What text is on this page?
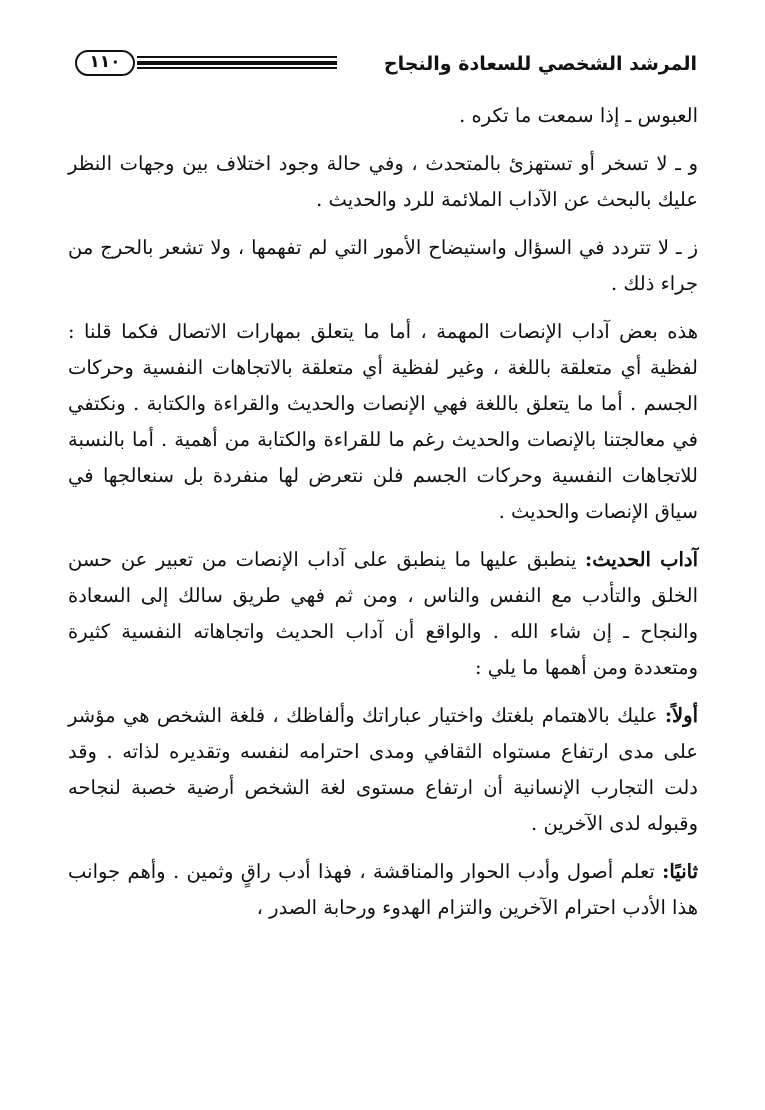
١١٠	المرشد الشخصي للسعادة والنجاح

العبوس ـ إذا سمعت ما تكره .

و ـ لا تسخر أو تستهزئ بالمتحدث ، وفي حالة وجود اختلاف بين وجهات النظر عليك بالبحث عن الآداب الملائمة للرد والحديث .

ز ـ لا تتردد في السؤال واستيضاح الأمور التي لم تفهمها ، ولا تشعر بالحرج من جراء ذلك .

هذه بعض آداب الإنصات المهمة ، أما ما يتعلق بمهارات الاتصال فكما قلنا : لفظية أي متعلقة باللغة ، وغير لفظية أي متعلقة بالاتجاهات النفسية وحركات الجسم . أما ما يتعلق باللغة فهي الإنصات والحديث والقراءة والكتابة . ونكتفي في معالجتنا بالإنصات والحديث رغم ما للقراءة والكتابة من أهمية . أما بالنسبة للاتجاهات النفسية وحركات الجسم فلن نتعرض لها منفردة بل سنعالجها في سياق الإنصات والحديث .

آداب الحديث: ينطبق عليها ما ينطبق على آداب الإنصات من تعبير عن حسن الخلق والتأدب مع النفس والناس ، ومن ثم فهي طريق سالك إلى السعادة والنجاح ـ إن شاء الله . والواقع أن آداب الحديث واتجاهاته النفسية كثيرة ومتعددة ومن أهمها ما يلي :

أولاً: عليك بالاهتمام بلغتك واختيار عباراتك وألفاظك ، فلغة الشخص هي مؤشر على مدى ارتفاع مستواه الثقافي ومدى احترامه لنفسه وتقديره لذاته . وقد دلت التجارب الإنسانية أن ارتفاع مستوى لغة الشخص أرضية خصبة لنجاحه وقبوله لدى الآخرين .

ثانيًا: تعلم أصول وأدب الحوار والمناقشة ، فهذا أدب راقٍ وثمين . وأهم جوانب هذا الأدب احترام الآخرين والتزام الهدوء ورحابة الصدر ،
